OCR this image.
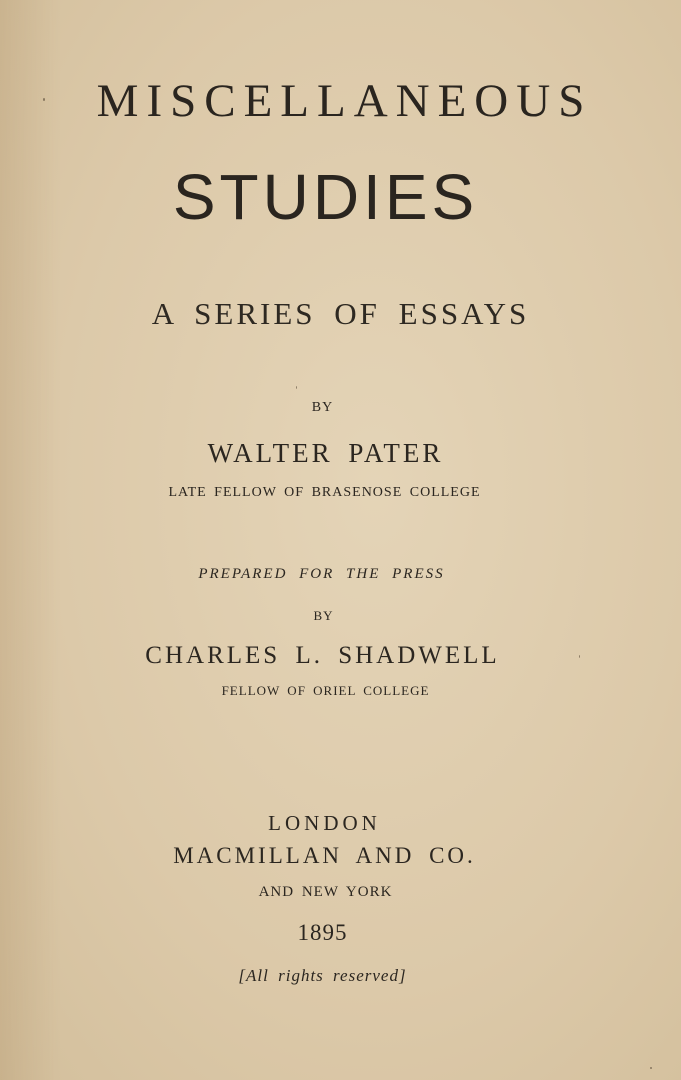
MISCELLANEOUS
STUDIES
A SERIES OF ESSAYS
BY
WALTER PATER
LATE FELLOW OF BRASENOSE COLLEGE
PREPARED FOR THE PRESS
BY
CHARLES L. SHADWELL
FELLOW OF ORIEL COLLEGE
LONDON
MACMILLAN AND CO.
AND NEW YORK
1895
[All rights reserved]
